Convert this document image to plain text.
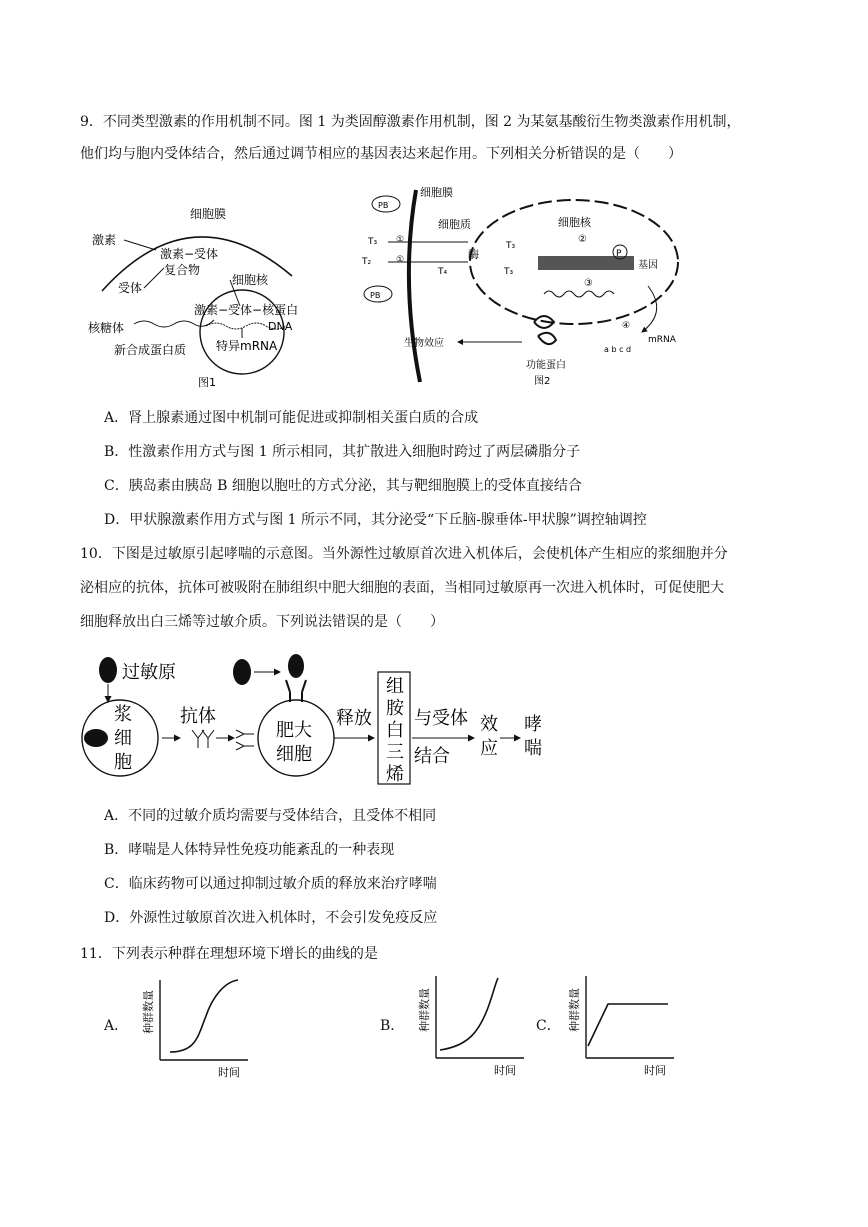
9．不同类型激素的作用机制不同。图 1 为类固醇激素作用机制，图 2 为某氨基酸衍生物类激素作用机制，
他们均与胞内受体结合，然后通过调节相应的基因表达来起作用。下列相关分析错误的是（　　）
细胞膜
激素
激素−受体
复合物
受体
细胞核
激素−受体−核蛋白
DNA
核糖体
特异mRNA
新合成蛋白质
图1
细胞膜
PB
T₃ ①
T₂	①
PB
细胞质
T₄
酶
细胞核
②
T₃
T₃
P
基因
③
④
mRNA
a b c d
生物效应
功能蛋白
图2
A．肾上腺素通过图中机制可能促进或抑制相关蛋白质的合成
B．性激素作用方式与图 1 所示相同，其扩散进入细胞时跨过了两层磷脂分子
C．胰岛素由胰岛 B 细胞以胞吐的方式分泌，其与靶细胞膜上的受体直接结合
D．甲状腺激素作用方式与图 1 所示不同，其分泌受“下丘脑-腺垂体-甲状腺”调控轴调控
10．下图是过敏原引起哮喘的示意图。当外源性过敏原首次进入机体后，会使机体产生相应的浆细胞并分
泌相应的抗体，抗体可被吸附在肺组织中肥大细胞的表面，当相同过敏原再一次进入机体时，可促使肥大
细胞释放出白三烯等过敏介质。下列说法错误的是（　　）
过敏原
浆
细
胞
抗体
肥大
细胞
释放
组
胺
白
三
烯
与受体
结合
效
应
哮
喘
A．不同的过敏介质均需要与受体结合，且受体不相同
B．哮喘是人体特异性免疫功能紊乱的一种表现
C．临床药物可以通过抑制过敏介质的释放来治疗哮喘
D．外源性过敏原首次进入机体时，不会引发免疫反应
11．下列表示种群在理想环境下增长的曲线的是
A． 种群数量
时间
B． 种群数量
时间
C． 种群数量
时间
